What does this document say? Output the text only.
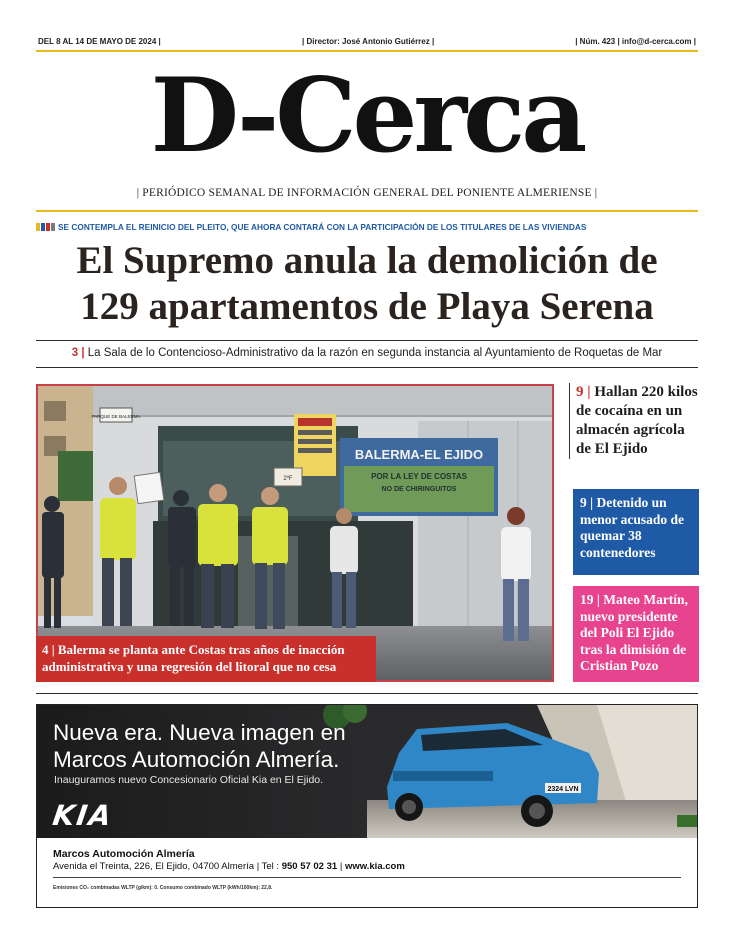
DEL 8 AL 14 DE MAYO DE 2024 |	| Director: José Antonio Gutiérrez |	| Núm. 423 | info@d-cerca.com |
D-Cerca
| PERIÓDICO SEMANAL DE INFORMACIÓN GENERAL DEL PONIENTE ALMERIENSE |
SE CONTEMPLA EL REINICIO DEL PLEITO, QUE AHORA CONTARÁ CON LA PARTICIPACIÓN DE LOS TITULARES DE LAS VIVIENDAS
El Supremo anula la demolición de
129 apartamentos de Playa Serena
3 | La Sala de lo Contencioso-Administrativo da la razón en segunda instancia al Ayuntamiento de Roquetas de Mar
PARQUE DE BALERMA
BALERMA-EL EJIDO
POR LA LEY DE COSTAS
NO DE CHIRINGUITOS
2ºF
4 | Balerma se planta ante Costas tras años de inacción administrativa y una regresión del litoral que no cesa
9 | Hallan 220 kilos de cocaína en un almacén agrícola de El Ejido
9 | Detenido un menor acusado de quemar 38 contenedores
19 | Mateo Martín, nuevo presidente del Poli El Ejido tras la dimisión de Cristian Pozo
2324 LVN
Nueva era. Nueva imagen en
Marcos Automoción Almería.
Inauguramos nuevo Concesionario Oficial Kia en El Ejido.
KIA
Marcos Automoción Almería
Avenida el Treinta, 226, El Ejido, 04700 Almería | Tel : 950 57 02 31 | www.kia.com
Emisiones CO₂ combinadas WLTP (g/km): 0. Consumo combinado WLTP (kWh/100km): 22,8.
